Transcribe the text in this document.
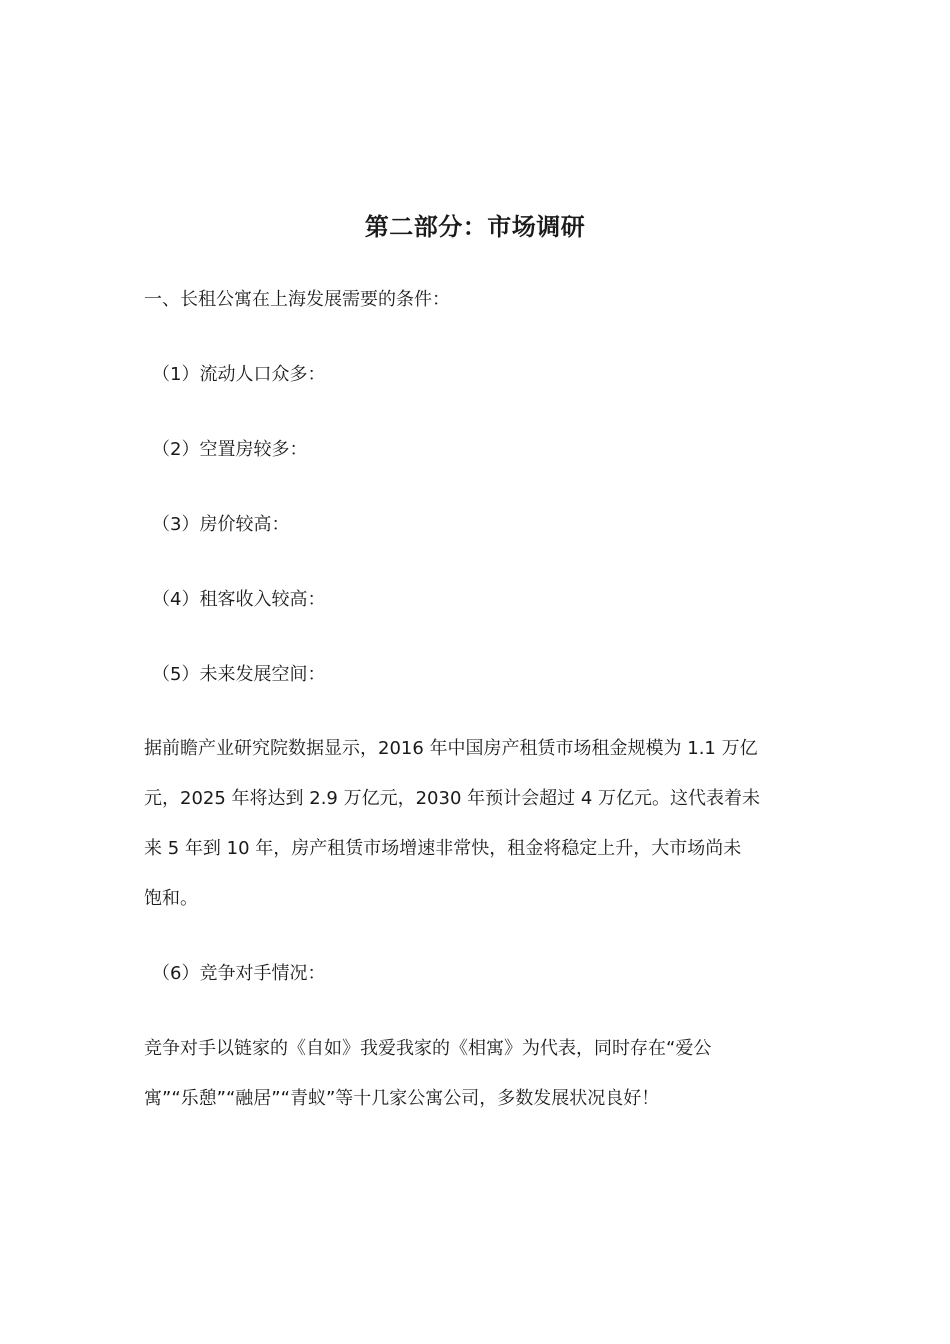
第二部分：市场调研
一、长租公寓在上海发展需要的条件：
（1）流动人口众多：
（2）空置房较多：
（3）房价较高：
（4）租客收入较高：
（5）未来发展空间：
据前瞻产业研究院数据显示，2016 年中国房产租赁市场租金规模为 1.1 万亿
元，2025 年将达到 2.9 万亿元，2030 年预计会超过 4 万亿元。这代表着未
来 5 年到 10 年，房产租赁市场增速非常快，租金将稳定上升，大市场尚未
饱和。
（6）竞争对手情况：
竞争对手以链家的《自如》我爱我家的《相寓》为代表，同时存在“爱公
寓”“乐憩”“融居”“青蚁”等十几家公寓公司，多数发展状况良好！
